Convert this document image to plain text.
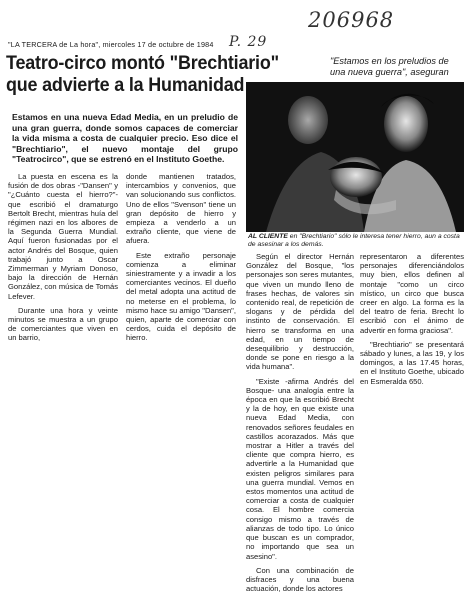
206968
P. 29
"LA TERCERA de La hora", miercoles 17 de octubre de 1984
Teatro-circo montó "Brechtiario" que advierte a la Humanidad
"Estamos en los preludios de una nueva guerra", aseguran
Estamos en una nueva Edad Media, en un preludio de una gran guerra, donde somos capaces de comerciar la vida misma a costa de cualquier precio. Eso dice el "Brechtiario", el nuevo montaje del grupo "Teatrocirco", que se estrenó en el Instituto Goethe.
AL CLIENTE en "Brechtiario" sólo le interesa tener hierro, aun a costa de asesinar a los demás.

La puesta en escena es la fusión de dos obras -"Dansen" y "¿Cuánto cuesta el hierro?"- que escribió el dramaturgo Bertolt Brecht, mientras huía del régimen nazi en los albores de la Segunda Guerra Mundial. Aquí fueron fusionadas por el actor Andrés del Bosque, quien trabajó junto a Oscar Zimmerman y Myriam Donoso, bajo la dirección de Hernán González, con música de Tomás Lefever.

Durante una hora y veinte minutos se muestra a un grupo de comerciantes que viven en un barrio,

donde mantienen tratados, intercambios y convenios, que van solucionando sus conflictos. Uno de ellos "Svenson" tiene un gran depósito de hierro y empieza a venderlo a un extraño cliente, que viene de afuera.

Este extraño personaje comienza a eliminar siniestramente y a invadir a los comerciantes vecinos. El dueño del metal adopta una actitud de no meterse en el problema, lo mismo hace su amigo "Dansen", quien, aparte de comerciar con cerdos, cuida el depósito de hierro.

Según el director Hernán González del Bosque, "los personajes son seres mutantes, que viven un mundo lleno de frases hechas, de valores sin contenido real, de repetición de slogans y de pérdida del instinto de conservación. El hierro se transforma en una edad, en un tiempo de desequilibrio y destrucción, donde se pone en riesgo a la vida humana".

"Existe -afirma Andrés del Bosque- una analogía entre la época en que la escribió Brecht y la de hoy, en que existe una nueva Edad Media, con renovados señores feudales en castillos acorazados. Más que mostrar a Hitler a través del cliente que compra hierro, es advertirle a la Humanidad que existen peligros similares para una guerra mundial. Vemos en estos momentos una actitud de comerciar a costa de cualquier cosa. El hombre comercia consigo mismo a través de alianzas de todo tipo. Lo único que buscan es un comprador, no importando que sea un asesino".

Con una combinación de disfraces y una buena actuación, donde los actores

representaron a diferentes personajes diferenciándolos muy bien, ellos definen al montaje "como un circo místico, un circo que busca creer en algo. La forma es la del teatro de feria. Brecht lo escribió con el ánimo de advertir en forma graciosa".

"Brechtiario" se presentará sábado y lunes, a las 19, y los domingos, a las 17.45 horas, en el Instituto Goethe, ubicado en Esmeralda 650.
